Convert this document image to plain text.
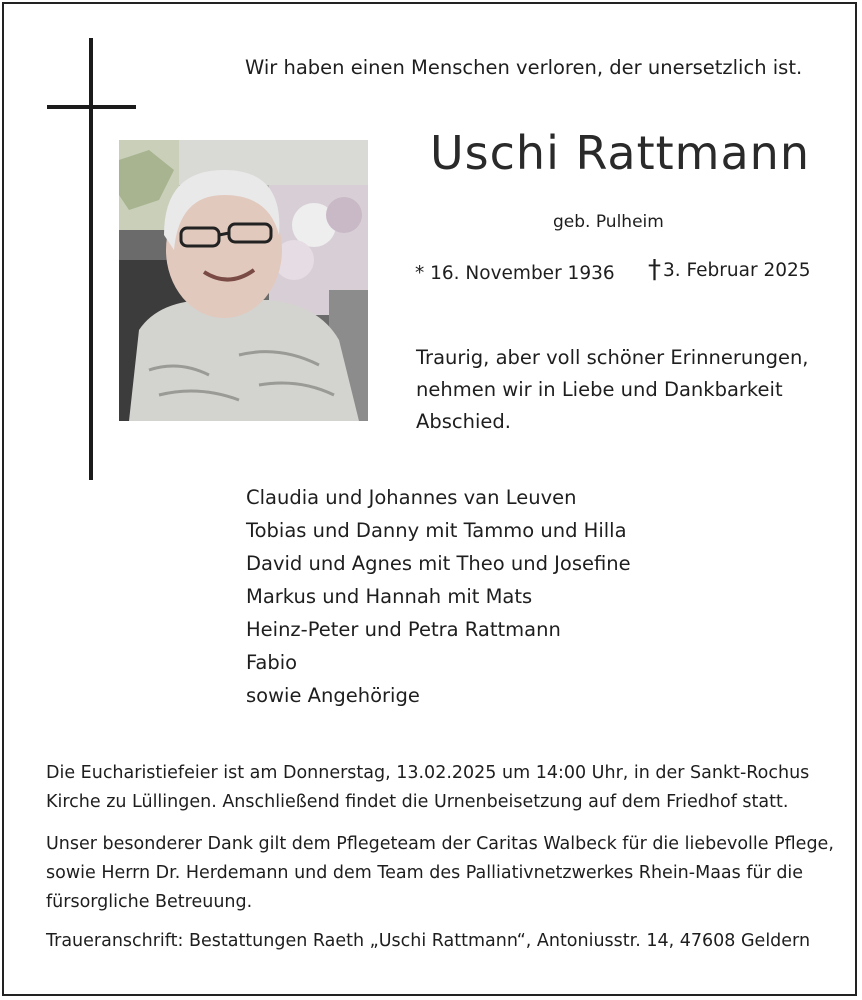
Wir haben einen Menschen verloren, der unersetzlich ist.
Uschi Rattmann
geb. Pulheim
* 16. November 1936 † 3. Februar 2025
Traurig, aber voll schöner Erinnerungen,
nehmen wir in Liebe und Dankbarkeit
Abschied.
Claudia und Johannes van Leuven
Tobias und Danny mit Tammo und Hilla
David und Agnes mit Theo und Josefine
Markus und Hannah mit Mats
Heinz-Peter und Petra Rattmann
Fabio
sowie Angehörige
Die Eucharistiefeier ist am Donnerstag, 13.02.2025 um 14:00 Uhr, in der Sankt-Rochus Kirche zu Lüllingen. Anschließend findet die Urnenbeisetzung auf dem Friedhof statt.
Unser besonderer Dank gilt dem Pflegeteam der Caritas Walbeck für die liebevolle Pflege, sowie Herrn Dr. Herdemann und dem Team des Palliativnetzwerkes Rhein-Maas für die fürsorgliche Betreuung.
Traueranschrift: Bestattungen Raeth „Uschi Rattmann“, Antoniusstr. 14, 47608 Geldern
